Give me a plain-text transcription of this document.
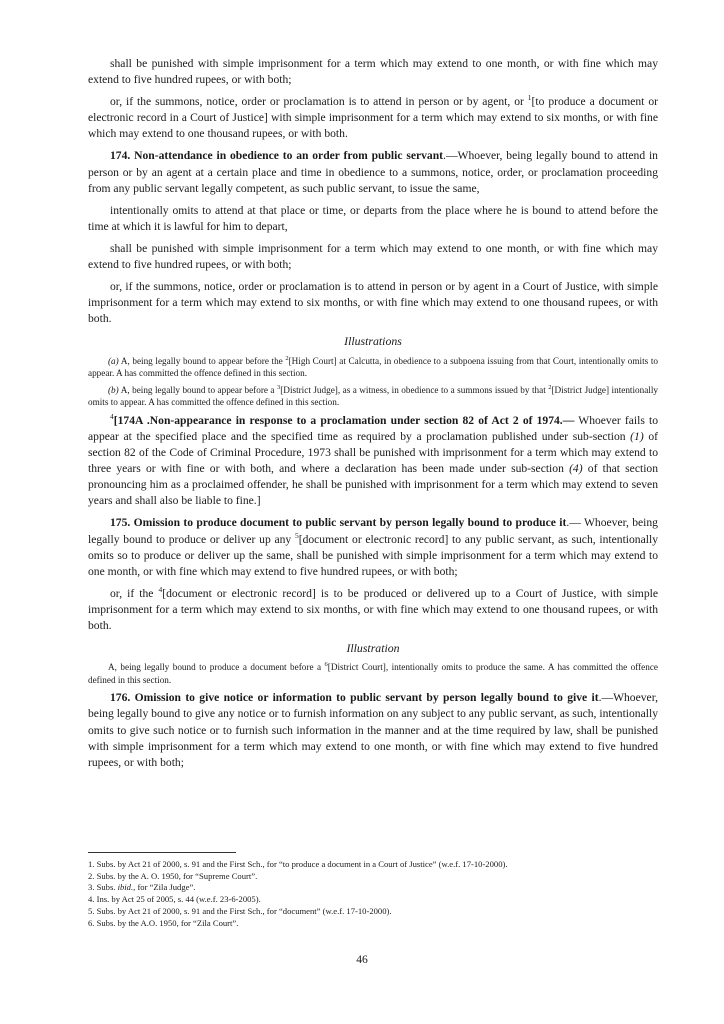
shall be punished with simple imprisonment for a term which may extend to one month, or with fine which may extend to five hundred rupees, or with both;

or, if the summons, notice, order or proclamation is to attend in person or by agent, or $^1$[to produce a document or electronic record in a Court of Justice] with simple imprisonment for a term which may extend to six months, or with fine which may extend to one thousand rupees, or with both.

174. Non-attendance in obedience to an order from public servant.—Whoever, being legally bound to attend in person or by an agent at a certain place and time in obedience to a summons, notice, order, or proclamation proceeding from any public servant legally competent, as such public servant, to issue the same,

intentionally omits to attend at that place or time, or departs from the place where he is bound to attend before the time at which it is lawful for him to depart,

shall be punished with simple imprisonment for a term which may extend to one month, or with fine which may extend to five hundred rupees, or with both;

or, if the summons, notice, order or proclamation is to attend in person or by agent in a Court of Justice, with simple imprisonment for a term which may extend to six months, or with fine which may extend to one thousand rupees, or with both.

Illustrations

(a) A, being legally bound to appear before the $^2$[High Court] at Calcutta, in obedience to a subpoena issuing from that Court, intentionally omits to appear. A has committed the offence defined in this section.

(b) A, being legally bound to appear before a $^3$[District Judge], as a witness, in obedience to a summons issued by that $^2$[District Judge] intentionally omits to appear. A has committed the offence defined in this section.

$^4$[174A .Non-appearance in response to a proclamation under section 82 of Act 2 of 1974.— Whoever fails to appear at the specified place and the specified time as required by a proclamation published under sub-section (1) of section 82 of the Code of Criminal Procedure, 1973 shall be punished with imprisonment for a term which may extend to three years or with fine or with both, and where a declaration has been made under sub-section (4) of that section pronouncing him as a proclaimed offender, he shall be punished with imprisonment for a term which may extend to seven years and shall also be liable to fine.]

175. Omission to produce document to public servant by person legally bound to produce it.— Whoever, being legally bound to produce or deliver up any $^5$[document or electronic record] to any public servant, as such, intentionally omits so to produce or deliver up the same, shall be punished with simple imprisonment for a term which may extend to one month, or with fine which may extend to five hundred rupees, or with both;

or, if the $^4$[document or electronic record] is to be produced or delivered up to a Court of Justice, with simple imprisonment for a term which may extend to six months, or with fine which may extend to one thousand rupees, or with both.

Illustration

A, being legally bound to produce a document before a $^6$[District Court], intentionally omits to produce the same. A has committed the offence defined in this section.

176. Omission to give notice or information to public servant by person legally bound to give it.—Whoever, being legally bound to give any notice or to furnish information on any subject to any public servant, as such, intentionally omits to give such notice or to furnish such information in the manner and at the time required by law, shall be punished with simple imprisonment for a term which may extend to one month, or with fine which may extend to five hundred rupees, or with both;

1. Subs. by Act 21 of 2000, s. 91 and the First Sch., for “to produce a document in a Court of Justice” (w.e.f. 17-10-2000).
2. Subs. by the A. O. 1950, for “Supreme Court”.
3. Subs. ibid., for “Zila Judge”.
4. Ins. by Act 25 of 2005, s. 44 (w.e.f. 23-6-2005).
5. Subs. by Act 21 of 2000, s. 91 and the First Sch., for “document” (w.e.f. 17-10-2000).
6. Subs. by the A.O. 1950, for “Zila Court”.
46
